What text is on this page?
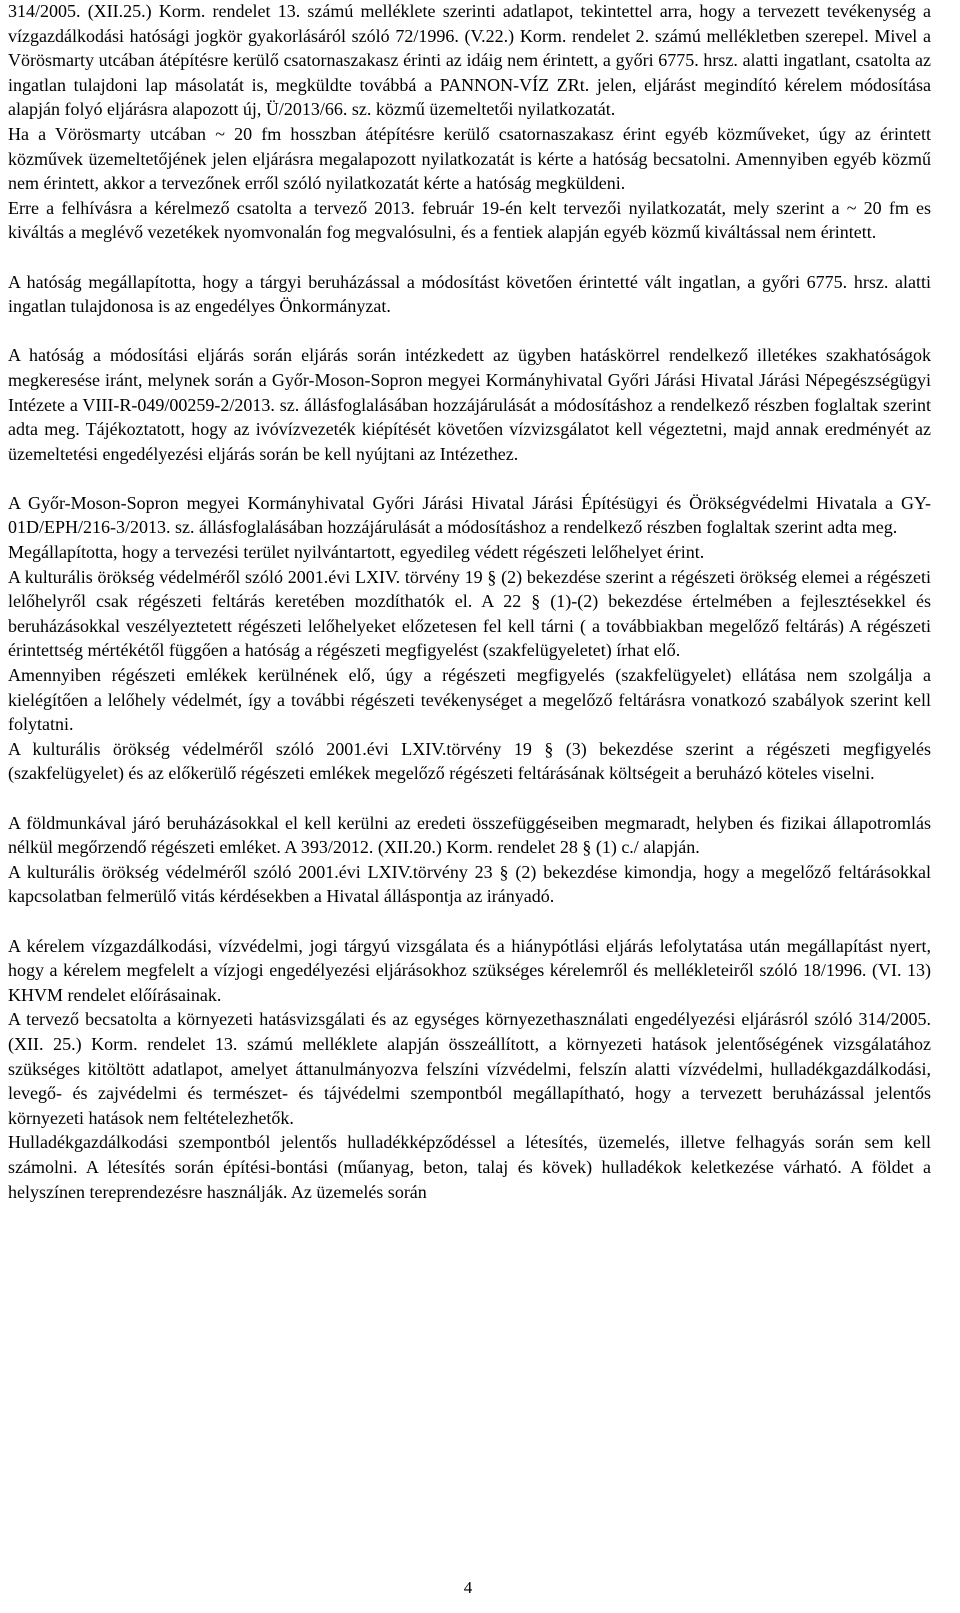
314/2005. (XII.25.) Korm. rendelet 13. számú melléklete szerinti adatlapot, tekintettel arra, hogy a tervezett tevékenység a vízgazdálkodási hatósági jogkör gyakorlásáról szóló 72/1996. (V.22.) Korm. rendelet 2. számú mellékletben szerepel. Mivel a Vörösmarty utcában átépítésre kerülő csatornaszakasz érinti az idáig nem érintett, a győri 6775. hrsz. alatti ingatlant, csatolta az ingatlan tulajdoni lap másolatát is, megküldte továbbá a PANNON-VÍZ ZRt. jelen, eljárást megindító kérelem módosítása alapján folyó eljárásra alapozott új, Ü/2013/66. sz. közmű üzemeltetői nyilatkozatát.

Ha a Vörösmarty utcában ~ 20 fm hosszban átépítésre kerülő csatornaszakasz érint egyéb közműveket, úgy az érintett közművek üzemeltetőjének jelen eljárásra megalapozott nyilatkozatát is kérte a hatóság becsatolni. Amennyiben egyéb közmű nem érintett, akkor a tervezőnek erről szóló nyilatkozatát kérte a hatóság megküldeni.

Erre a felhívásra a kérelmező csatolta a tervező 2013. február 19-én kelt tervezői nyilatkozatát, mely szerint a ~ 20 fm es kiváltás a meglévő vezetékek nyomvonalán fog megvalósulni, és a fentiek alapján egyéb közmű kiváltással nem érintett.

A hatóság megállapította, hogy a tárgyi beruházással a módosítást követően érintetté vált ingatlan, a győri 6775. hrsz. alatti ingatlan tulajdonosa is az engedélyes Önkormányzat.

A hatóság a módosítási eljárás során eljárás során intézkedett az ügyben hatáskörrel rendelkező illetékes szakhatóságok megkeresése iránt, melynek során a Győr-Moson-Sopron megyei Kormányhivatal Győri Járási Hivatal Járási Népegészségügyi Intézete a VIII-R-049/00259-2/2013. sz. állásfoglalásában hozzájárulását a módosításhoz a rendelkező részben foglaltak szerint adta meg. Tájékoztatott, hogy az ivóvízvezeték kiépítését követően vízvizsgálatot kell végeztetni, majd annak eredményét az üzemeltetési engedélyezési eljárás során be kell nyújtani az Intézethez.

A Győr-Moson-Sopron megyei Kormányhivatal Győri Járási Hivatal Járási Építésügyi és Örökségvédelmi Hivatala a GY-01D/EPH/216-3/2013. sz. állásfoglalásában hozzájárulását a módosításhoz a rendelkező részben foglaltak szerint adta meg.

Megállapította, hogy a tervezési terület nyilvántartott, egyedileg védett régészeti lelőhelyet érint.

A kulturális örökség védelméről szóló 2001.évi LXIV. törvény 19 § (2) bekezdése szerint a régészeti örökség elemei a régészeti lelőhelyről csak régészeti feltárás keretében mozdíthatók el. A 22 § (1)-(2) bekezdése értelmében a fejlesztésekkel és beruházásokkal veszélyeztetett régészeti lelőhelyeket előzetesen fel kell tárni ( a továbbiakban megelőző feltárás) A régészeti érintettség mértékétől függően a hatóság a régészeti megfigyelést (szakfelügyeletet) írhat elő.

Amennyiben régészeti emlékek kerülnének elő, úgy a régészeti megfigyelés (szakfelügyelet) ellátása nem szolgálja a kielégítően a lelőhely védelmét, így a további régészeti tevékenységet a megelőző feltárásra vonatkozó szabályok szerint kell folytatni.

A kulturális örökség védelméről szóló 2001.évi LXIV.törvény 19 § (3) bekezdése szerint a régészeti megfigyelés (szakfelügyelet) és az előkerülő régészeti emlékek megelőző régészeti feltárásának költségeit a beruházó köteles viselni.

A földmunkával járó beruházásokkal el kell kerülni az eredeti összefüggéseiben megmaradt, helyben és fizikai állapotromlás nélkül megőrzendő régészeti emléket. A 393/2012. (XII.20.) Korm. rendelet 28 § (1) c./ alapján.

A kulturális örökség védelméről szóló 2001.évi LXIV.törvény 23 § (2) bekezdése kimondja, hogy a megelőző feltárásokkal kapcsolatban felmerülő vitás kérdésekben a Hivatal álláspontja az irányadó.

A kérelem vízgazdálkodási, vízvédelmi, jogi tárgyú vizsgálata és a hiánypótlási eljárás lefolytatása után megállapítást nyert, hogy a kérelem megfelelt a vízjogi engedélyezési eljárásokhoz szükséges kérelemről és mellékleteiről szóló 18/1996. (VI. 13) KHVM rendelet előírásainak.

A tervező becsatolta a környezeti hatásvizsgálati és az egységes környezethasználati engedélyezési eljárásról szóló 314/2005. (XII. 25.) Korm. rendelet 13. számú melléklete alapján összeállított, a környezeti hatások jelentőségének vizsgálatához szükséges kitöltött adatlapot, amelyet áttanulmányozva felszíni vízvédelmi, felszín alatti vízvédelmi, hulladékgazdálkodási, levegő- és zajvédelmi és természet- és tájvédelmi szempontból megállapítható, hogy a tervezett beruházással jelentős környezeti hatások nem feltételezhetők.

Hulladékgazdálkodási szempontból jelentős hulladékképződéssel a létesítés, üzemelés, illetve felhagyás során sem kell számolni. A létesítés során építési-bontási (műanyag, beton, talaj és kövek) hulladékok keletkezése várható. A földet a helyszínen tereprendezésre használják. Az üzemelés során

4
